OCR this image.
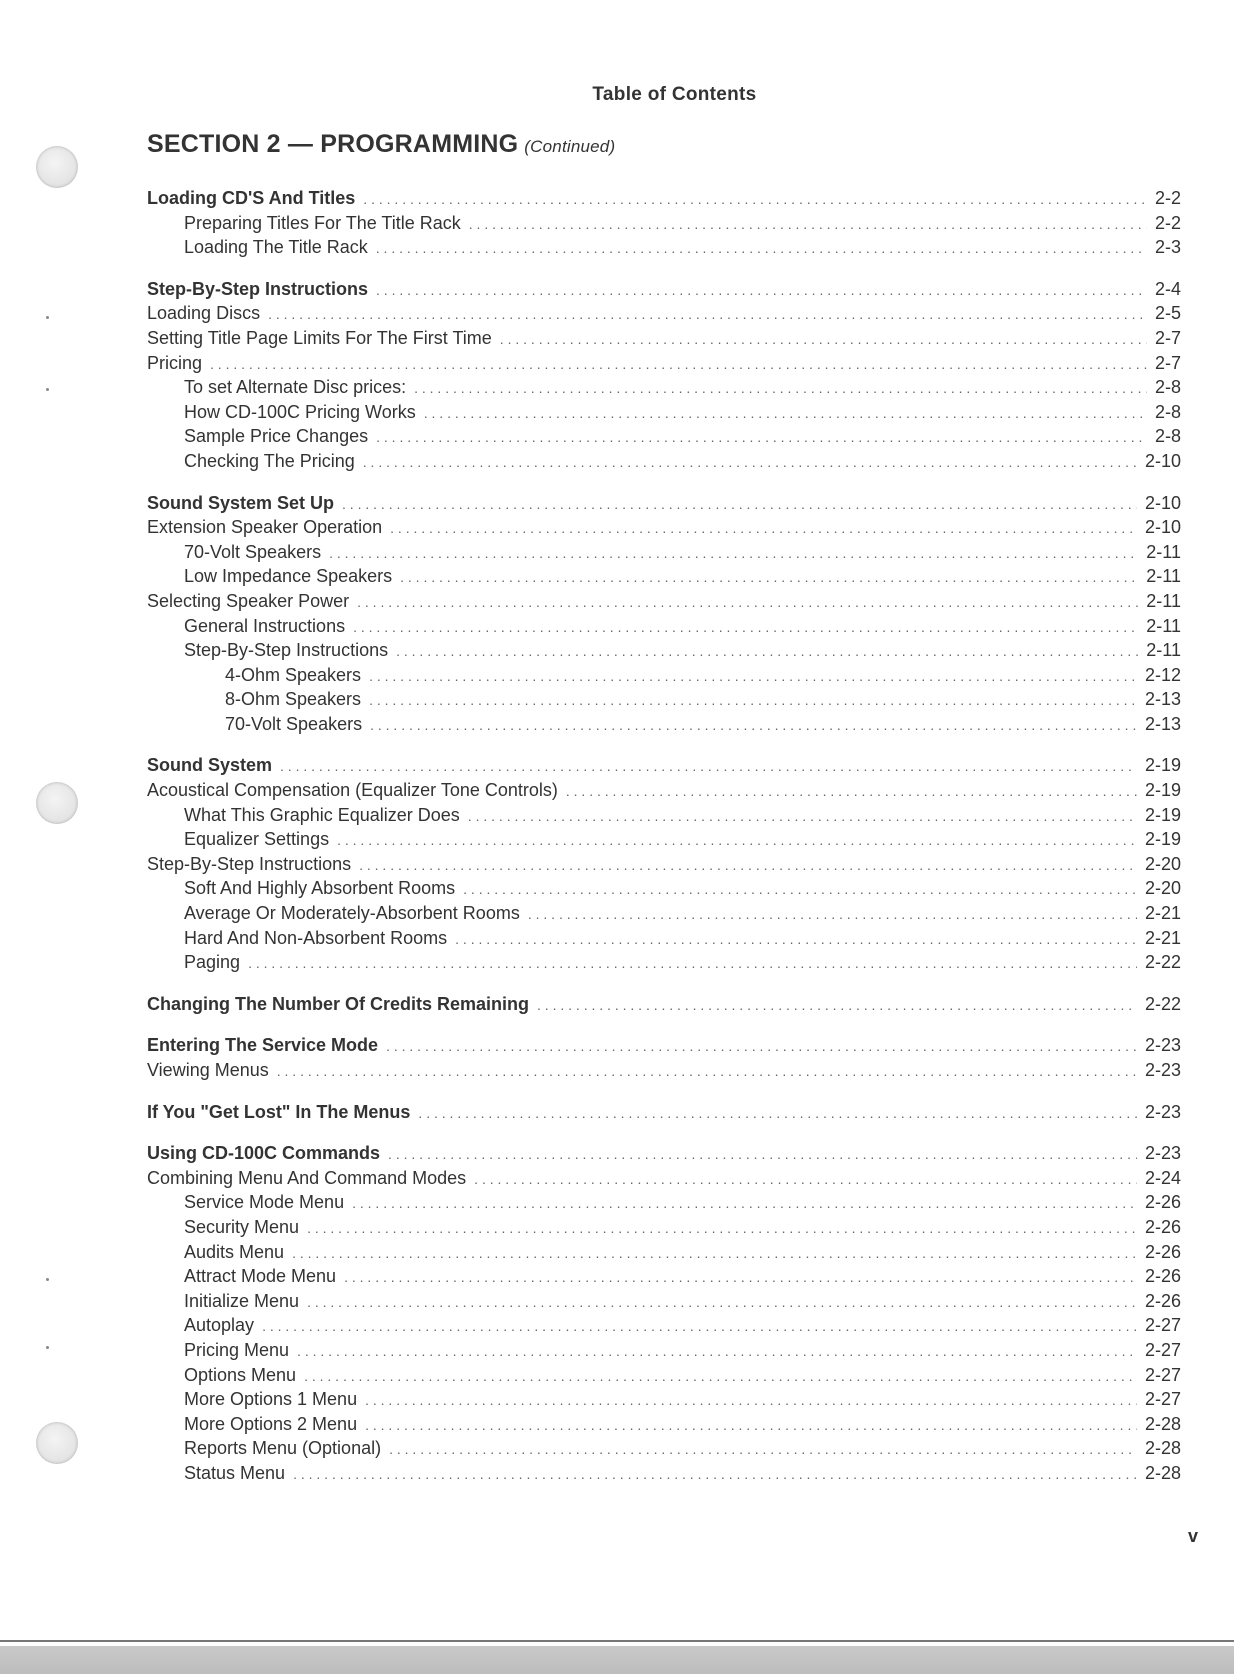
Table of Contents
SECTION 2 — PROGRAMMING (Continued)
Loading CD'S And Titles . . .	2-2
Preparing Titles For The Title Rack . . .	2-2
Loading The Title Rack . . .	2-3
Step-By-Step Instructions . . .	2-4
Loading Discs . . .	2-5
Setting Title Page Limits For The First Time . . .	2-7
Pricing . . .	2-7
To set Alternate Disc prices: . . .	2-8
How CD-100C Pricing Works . . .	2-8
Sample Price Changes . . .	2-8
Checking The Pricing . . .	2-10
Sound System Set Up . . .	2-10
Extension Speaker Operation . . .	2-10
70-Volt Speakers . . .	2-11
Low Impedance Speakers . . .	2-11
Selecting Speaker Power . . .	2-11
General Instructions . . .	2-11
Step-By-Step Instructions . . .	2-11
4-Ohm Speakers . . .	2-12
8-Ohm Speakers . . .	2-13
70-Volt Speakers . . .	2-13
Sound System . . .	2-19
Acoustical Compensation (Equalizer Tone Controls) . . .	2-19
What This Graphic Equalizer Does . . .	2-19
Equalizer Settings . . .	2-19
Step-By-Step Instructions . . .	2-20
Soft And Highly Absorbent Rooms . . .	2-20
Average Or Moderately-Absorbent Rooms . . .	2-21
Hard And Non-Absorbent Rooms . . .	2-21
Paging . . .	2-22
Changing The Number Of Credits Remaining . . .	2-22
Entering The Service Mode . . .	2-23
Viewing Menus . . .	2-23
If You "Get Lost" In The Menus . . .	2-23
Using CD-100C Commands . . .	2-23
Combining Menu And Command Modes . . .	2-24
Service Mode Menu . . .	2-26
Security Menu . . .	2-26
Audits Menu . . .	2-26
Attract Mode Menu . . .	2-26
Initialize Menu . . .	2-26
Autoplay . . .	2-27
Pricing Menu . . .	2-27
Options Menu . . .	2-27
More Options 1 Menu . . .	2-27
More Options 2 Menu . . .	2-28
Reports Menu (Optional) . . .	2-28
Status Menu . . .	2-28
v
